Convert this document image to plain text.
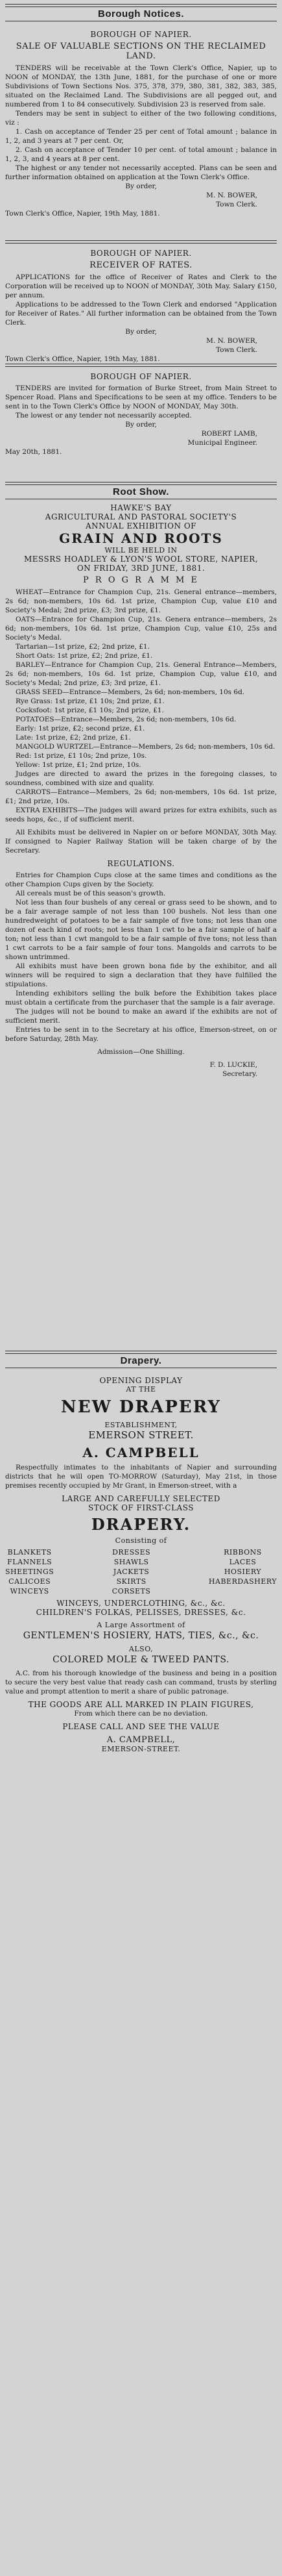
Borough Notices.
BOROUGH OF NAPIER.
SALE OF VALUABLE SECTIONS ON THE RECLAIMED LAND.

TENDERS will be receivable at the Town Clerk's Office, Napier, up to NOON of MONDAY, the 13th June, 1881, for the purchase of one or more Subdivisions of Town Sections Nos. 375, 378, 379, 380, 381, 382, 383, 385, situated on the Reclaimed Land. The Subdivisions are all pegged out, and numbered from 1 to 84 consecutively. Subdivision 23 is reserved from sale.

Tenders may be sent in subject to either of the two following conditions, viz :

1. Cash on acceptance of Tender 25 per cent of Total amount ; balance in 1, 2, and 3 years at 7 per cent. Or,

2. Cash on acceptance of Tender 10 per cent. of total amount ; balance in 1, 2, 3, and 4 years at 8 per cent.

The highest or any tender not necessarily accepted. Plans can be seen and further information obtained on application at the Town Clerk's Office.

By order,

M. N. BOWER,

Town Clerk.

Town Clerk's Office, Napier, 19th May, 1881.

BOROUGH OF NAPIER.
RECEIVER OF RATES.

APPLICATIONS for the office of Receiver of Rates and Clerk to the Corporation will be received up to NOON of MONDAY, 30th May. Salary £150, per annum.

Applications to be addressed to the Town Clerk and endorsed "Application for Receiver of Rates." All further information can be obtained from the Town Clerk.

By order,

M. N. BOWER,

Town Clerk.

Town Clerk's Office, Napier, 19th May, 1881.

BOROUGH OF NAPIER.

TENDERS are invited for formation of Burke Street, from Main Street to Spencer Road. Plans and Specifications to be seen at my office. Tenders to be sent in to the Town Clerk's Office by NOON of MONDAY, May 30th.

The lowest or any tender not necessarily accepted.

By order,

ROBERT LAMB,

Municipal Engineer.

May 20th, 1881.

Root Show.
HAWKE'S BAY
AGRICULTURAL AND PASTORAL SOCIETY'S
ANNUAL EXHIBITION OF
GRAIN AND ROOTS
WILL BE HELD IN
MESSRS HOADLEY & LYON'S WOOL STORE, NAPIER,
ON FRIDAY, 3RD JUNE, 1881.
P R O G R A M M E

WHEAT—Entrance for Champion Cup, 21s. General entrance—members, 2s 6d; non-members, 10s 6d. 1st prize, Champion Cup, value £10 and Society's Medal; 2nd prize, £3; 3rd prize, £1.

OATS—Entrance for Champion Cup, 21s. Genera entrance—members, 2s 6d; non-members, 10s 6d. 1st prize, Champion Cup, value £10, 25s and Society's Medal.

Tartarian—1st prize, £2; 2nd prize, £1.

Short Oats: 1st prize, £2; 2nd prize, £1.

BARLEY—Entrance for Champion Cup, 21s. General Entrance—Members, 2s 6d; non-members, 10s 6d. 1st prize, Champion Cup, value £10, and Society's Medal; 2nd prize, £3; 3rd prize, £1.

GRASS SEED—Entrance—Members, 2s 6d; non-members, 10s 6d.

Rye Grass: 1st prize, £1 10s; 2nd prize, £1.

Cocksfoot: 1st prize, £1 10s; 2nd prize, £1.

POTATOES—Entrance—Members, 2s 6d; non-members, 10s 6d.

Early: 1st prize, £2; second prize, £1.

Late: 1st prize, £2; 2nd prize, £1.

MANGOLD WURTZEL—Entrance—Members, 2s 6d; non-members, 10s 6d.

Red: 1st prize, £1 10s; 2nd prize, 10s.

Yellow: 1st prize, £1; 2nd prize, 10s.

Judges are directed to award the prizes in the foregoing classes, to soundness, combined with size and quality.

CARROTS—Entrance—Members, 2s 6d; non-members, 10s 6d. 1st prize, £1; 2nd prize, 10s.

EXTRA EXHIBITS—The judges will award prizes for extra exhibits, such as seeds hops, &c., if of sufficient merit.

All Exhibits must be delivered in Napier on or before MONDAY, 30th May. If consigned to Napier Railway Station will be taken charge of by the Secretary.

REGULATIONS.

Entries for Champion Cups close at the same times and conditions as the other Champion Cups given by the Society.

All cereals must be of this season's growth.

Not less than four bushels of any cereal or grass seed to be shown, and to be a fair average sample of not less than 100 bushels. Not less than one hundredweight of potatoes to be a fair sample of five tons; not less than one dozen of each kind of roots; not less than 1 cwt to be a fair sample of half a ton; not less than 1 cwt mangold to be a fair sample of five tons; not less than 1 cwt carrots to be a fair sample of four tons. Mangolds and carrots to be shown untrimmed.

All exhibits must have been grown bona fide by the exhibitor, and all winners will be required to sign a declaration that they have fulfilled the stipulations.

Intending exhibitors selling the bulk before the Exhibition takes place must obtain a certificate from the purchaser that the sample is a fair average.

The judges will not be bound to make an award if the exhibits are not of sufficient merit.

Entries to be sent in to the Secretary at his office, Emerson-street, on or before Saturday, 28th May.

Admission—One Shilling.

F. D. LUCKIE,

Secretary.

Drapery.
OPENING DISPLAY
AT THE
NEW DRAPERY
ESTABLISHMENT,
EMERSON STREET.
A. CAMPBELL

Respectfully intimates to the inhabitants of Napier and surrounding districts that he will open TO-MORROW (Saturday), May 21st, in those premises recently occupied by Mr Grant, in Emerson-street, with a

LARGE AND CAREFULLY SELECTED
STOCK OF FIRST-CLASS
DRAPERY.
Consisting of
BLANKETS
FLANNELS
SHEETINGS
CALICOES
WINCEYS
DRESSES
SHAWLS
JACKETS
SKIRTS
CORSETS
RIBBONS
LACES
HOSIERY
HABERDASHERY
WINCEYS, UNDERCLOTHING, &c., &c.
CHILDREN'S FOLKAS, PELISSES, DRESSES, &c.
A Large Assortment of
GENTLEMEN'S HOSIERY, HATS, TIES, &c., &c.
ALSO,
COLORED MOLE & TWEED PANTS.

A.C. from his thorough knowledge of the business and being in a position to secure the very best value that ready cash can command, trusts by sterling value and prompt attention to merit a share of public patronage.

THE GOODS ARE ALL MARKED IN PLAIN FIGURES,

From which there can be no deviation.

PLEASE CALL AND SEE THE VALUE
A. CAMPBELL,
EMERSON-STREET.
